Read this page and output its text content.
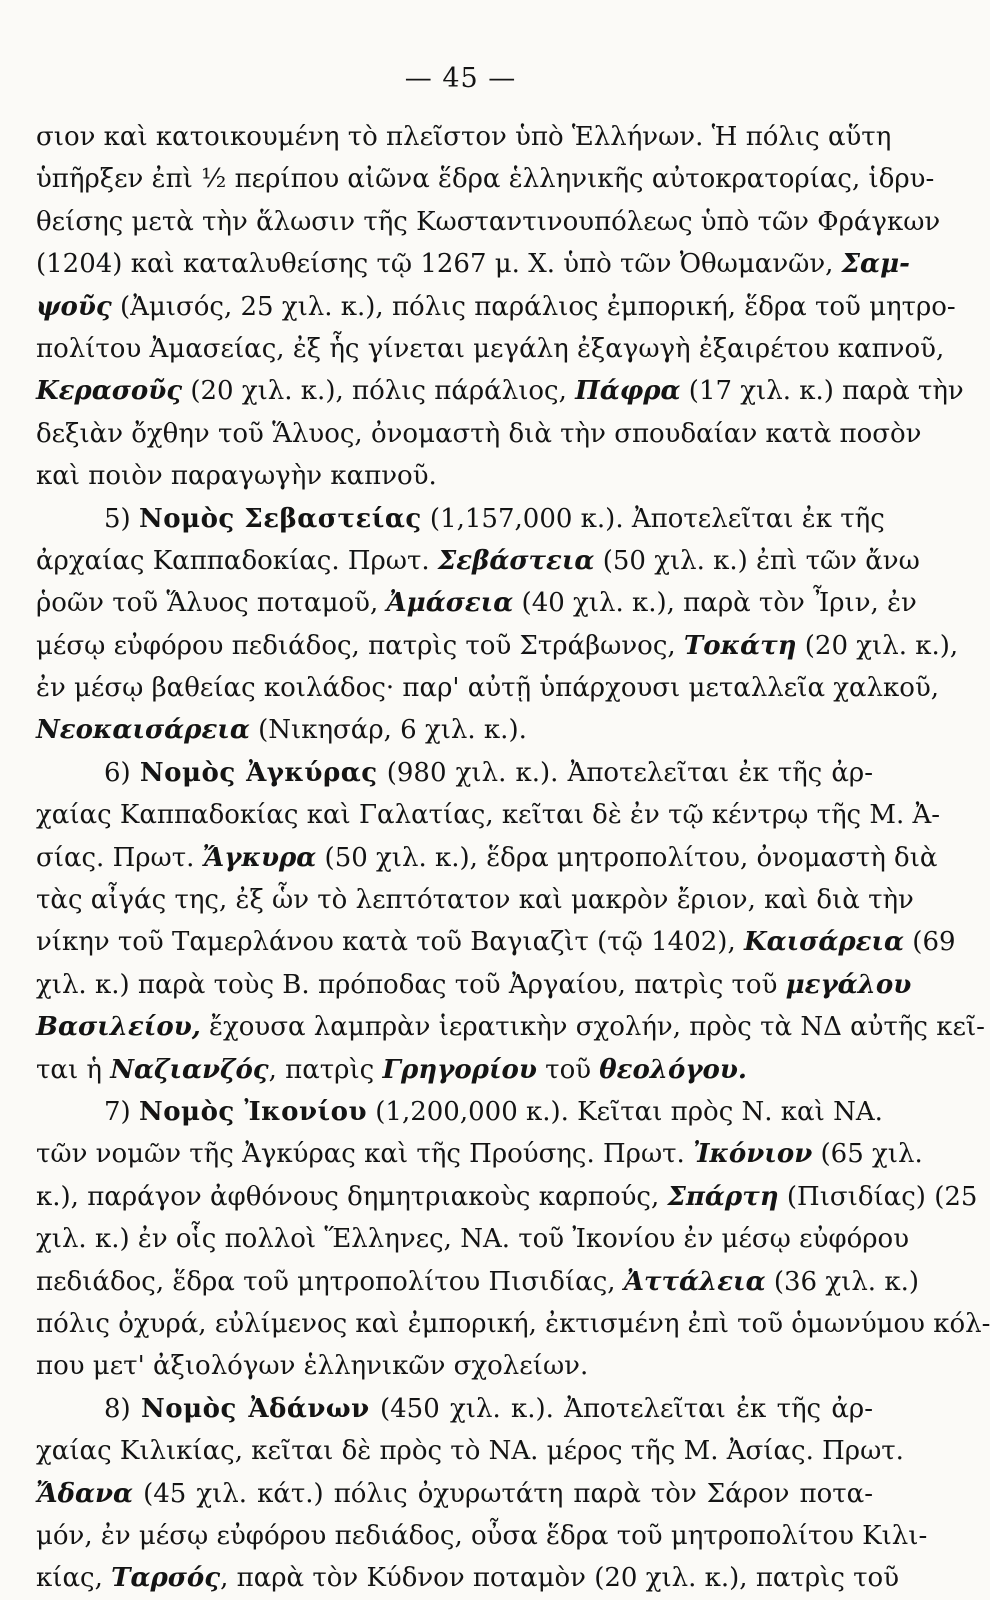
— 45 —
σιον καὶ κατοικουμένη τὸ πλεῖστον ὑπὸ Ἑλλήνων. Ἡ πόλις αὕτη
ὑπῆρξεν ἐπὶ ½ περίπου αἰῶνα ἕδρα ἑλληνικῆς αὐτοκρατορίας, ἱδρυ-
θείσης μετὰ τὴν ἅλωσιν τῆς Κωσταντινουπόλεως ὑπὸ τῶν Φράγκων
(1204) καὶ καταλυθείσης τῷ 1267 μ. Χ. ὑπὸ τῶν Ὀθωμανῶν, Σαμ-
ψοῦς (Ἀμισός, 25 χιλ. κ.), πόλις παράλιος ἐμπορική, ἕδρα τοῦ μητρο-
πολίτου Ἀμασείας, ἐξ ἧς γίνεται μεγάλη ἐξαγωγὴ ἐξαιρέτου καπνοῦ,
Κερασοῦς (20 χιλ. κ.), πόλις πάράλιος, Πάφρα (17 χιλ. κ.) παρὰ τὴν
δεξιὰν ὄχθην τοῦ Ἅλυος, ὀνομαστὴ διὰ τὴν σπουδαίαν κατὰ ποσὸν
καὶ ποιὸν παραγωγὴν καπνοῦ.
5) Νομὸς Σεβαστείας (1,157,000 κ.). Ἀποτελεῖται ἐκ τῆς
ἀρχαίας Καππαδοκίας. Πρωτ. Σεβάστεια (50 χιλ. κ.) ἐπὶ τῶν ἄνω
ῥοῶν τοῦ Ἅλυος ποταμοῦ, Ἀμάσεια (40 χιλ. κ.), παρὰ τὸν Ἶριν, ἐν
μέσῳ εὐφόρου πεδιάδος, πατρὶς τοῦ Στράβωνος, Τοκάτη (20 χιλ. κ.),
ἐν μέσῳ βαθείας κοιλάδος· παρ' αὐτῇ ὑπάρχουσι μεταλλεῖα χαλκοῦ,
Νεοκαισάρεια (Νικησάρ, 6 χιλ. κ.).
6) Νομὸς Ἀγκύρας (980 χιλ. κ.). Ἀποτελεῖται ἐκ τῆς ἀρ-
χαίας Καππαδοκίας καὶ Γαλατίας, κεῖται δὲ ἐν τῷ κέντρῳ τῆς Μ. Ἀ-
σίας. Πρωτ. Ἄγκυρα (50 χιλ. κ.), ἕδρα μητροπολίτου, ὀνομαστὴ διὰ
τὰς αἶγάς της, ἐξ ὧν τὸ λεπτότατον καὶ μακρὸν ἔριον, καὶ διὰ τὴν
νίκην τοῦ Ταμερλάνου κατὰ τοῦ Βαγιαζὶτ (τῷ 1402), Καισάρεια (69
χιλ. κ.) παρὰ τοὺς Β. πρόποδας τοῦ Ἀργαίου, πατρὶς τοῦ μεγάλου
Βασιλείου, ἔχουσα λαμπρὰν ἱερατικὴν σχολήν, πρὸς τὰ ΝΔ αὐτῆς κεῖ-
ται ἡ Ναζιανζός, πατρὶς Γρηγορίου τοῦ θεολόγου.
7) Νομὸς Ἰκονίου (1,200,000 κ.). Κεῖται πρὸς Ν. καὶ ΝΑ.
τῶν νομῶν τῆς Ἀγκύρας καὶ τῆς Προύσης. Πρωτ. Ἰκόνιον (65 χιλ.
κ.), παράγον ἀφθόνους δημητριακοὺς καρπούς, Σπάρτη (Πισιδίας) (25
χιλ. κ.) ἐν οἷς πολλοὶ Ἕλληνες, ΝΑ. τοῦ Ἰκονίου ἐν μέσῳ εὐφόρου
πεδιάδος, ἕδρα τοῦ μητροπολίτου Πισιδίας, Ἀττάλεια (36 χιλ. κ.)
πόλις ὀχυρά, εὐλίμενος καὶ ἐμπορική, ἐκτισμένη ἐπὶ τοῦ ὁμωνύμου κόλ-
που μετ' ἀξιολόγων ἑλληνικῶν σχολείων.
8) Νομὸς Ἀδάνων (450 χιλ. κ.). Ἀποτελεῖται ἐκ τῆς ἀρ-
χαίας Κιλικίας, κεῖται δὲ πρὸς τὸ ΝΑ. μέρος τῆς Μ. Ἀσίας. Πρωτ.
Ἄδανα (45 χιλ. κάτ.) πόλις ὀχυρωτάτη παρὰ τὸν Σάρον ποτα-
μόν, ἐν μέσῳ εὐφόρου πεδιάδος, οὖσα ἕδρα τοῦ μητροπολίτου Κιλι-
κίας, Ταρσός, παρὰ τὸν Κύδνον ποταμὸν (20 χιλ. κ.), πατρὶς τοῦ
